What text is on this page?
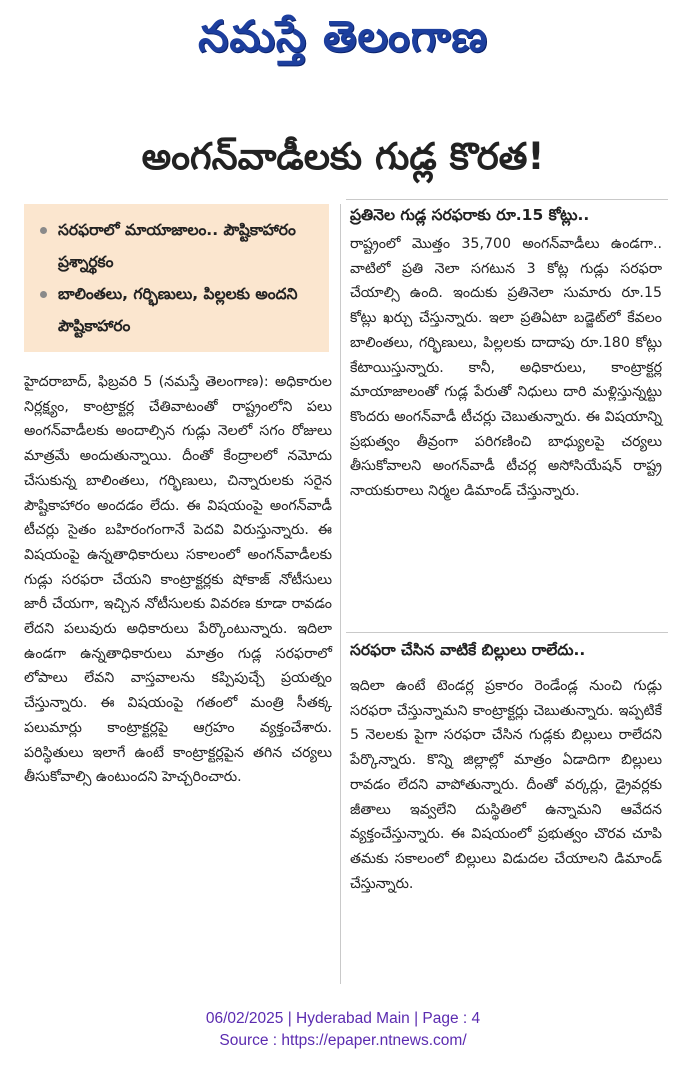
నమస్తే తెలంగాణ
అంగన్‌వాడీలకు గుడ్ల కొరత!
సరఫరాలో మాయాజాలం.. పౌష్టికాహారం ప్రశ్నార్థకం
బాలింతలు, గర్భిణులు, పిల్లలకు అందని పౌష్టికాహారం

హైదరాబాద్, ఫిబ్రవరి 5 (నమస్తే తెలంగాణ): అధికారుల నిర్లక్ష్యం, కాంట్రాక్టర్ల చేతివాటంతో రాష్ట్రంలోని పలు అంగన్‌వాడీలకు అందాల్సిన గుడ్లు నెలలో సగం రోజులు మాత్రమే అందుతున్నాయి. దీంతో కేంద్రాలలో నమోదు చేసుకున్న బాలింతలు, గర్భిణులు, చిన్నారులకు సరైన పౌష్టికాహారం అందడం లేదు. ఈ విషయంపై అంగన్‌వాడీ టీచర్లు సైతం బహిరంగంగానే పెదవి విరుస్తున్నారు. ఈ విషయంపై ఉన్నతాధికారులు సకాలంలో అంగన్‌వాడీలకు గుడ్లు సరఫరా చేయని కాంట్రాక్టర్లకు షోకాజ్ నోటీసులు జారీ చేయగా, ఇచ్చిన నోటీసులకు వివరణ కూడా రావడం లేదని పలువురు అధికారులు పేర్కొంటున్నారు. ఇదిలా ఉండగా ఉన్నతాధికారులు మాత్రం గుడ్ల సరఫరాలో లోపాలు లేవని వాస్తవాలను కప్పిపుచ్చే ప్రయత్నం చేస్తున్నారు. ఈ విషయంపై గతంలో మంత్రి సీతక్క పలుమార్లు కాంట్రాక్టర్లపై ఆగ్రహం వ్యక్తంచేశారు. పరిస్థితులు ఇలాగే ఉంటే కాంట్రాక్టర్లపైన తగిన చర్యలు తీసుకోవాల్సి ఉంటుందని హెచ్చరించారు.

ప్రతినెల గుడ్ల సరఫరాకు రూ.15 కోట్లు..

రాష్ట్రంలో మొత్తం 35,700 అంగన్‌వాడీలు ఉండగా.. వాటిలో ప్రతి నెలా సగటున 3 కోట్ల గుడ్లు సరఫరా చేయాల్సి ఉంది. ఇందుకు ప్రతినెలా సుమారు రూ.15 కోట్లు ఖర్చు చేస్తున్నారు. ఇలా ప్రతిఏటా బడ్జెట్‌లో కేవలం బాలింతలు, గర్భిణులు, పిల్లలకు దాదాపు రూ.180 కోట్లు కేటాయిస్తున్నారు. కానీ, అధికారులు, కాంట్రాక్టర్ల మాయాజాలంతో గుడ్ల పేరుతో నిధులు దారి మళ్లిస్తున్నట్టు కొందరు అంగన్‌వాడీ టీచర్లు చెబుతున్నారు. ఈ విషయాన్ని ప్రభుత్వం తీవ్రంగా పరిగణించి బాధ్యులపై చర్యలు తీసుకోవాలని అంగన్‌వాడీ టీచర్ల అసోసియేషన్ రాష్ట్ర నాయకురాలు నిర్మల డిమాండ్ చేస్తున్నారు.

సరఫరా చేసిన వాటికే బిల్లులు రాలేదు..

ఇదిలా ఉంటే టెండర్ల ప్రకారం రెండేండ్ల నుంచి గుడ్లు సరఫరా చేస్తున్నామని కాంట్రాక్టర్లు చెబుతున్నారు. ఇప్పటికే 5 నెలలకు పైగా సరఫరా చేసిన గుడ్లకు బిల్లులు రాలేదని పేర్కొన్నారు. కొన్ని జిల్లాల్లో మాత్రం ఏడాదిగా బిల్లులు రావడం లేదని వాపోతున్నారు. దీంతో వర్కర్లు, డ్రైవర్లకు జీతాలు ఇవ్వలేని దుస్థితిలో ఉన్నామని ఆవేదన వ్యక్తంచేస్తున్నారు. ఈ విషయంలో ప్రభుత్వం చొరవ చూపి తమకు సకాలంలో బిల్లులు విడుదల చేయాలని డిమాండ్ చేస్తున్నారు.

06/02/2025 | Hyderabad Main | Page : 4
Source : https://epaper.ntnews.com/
